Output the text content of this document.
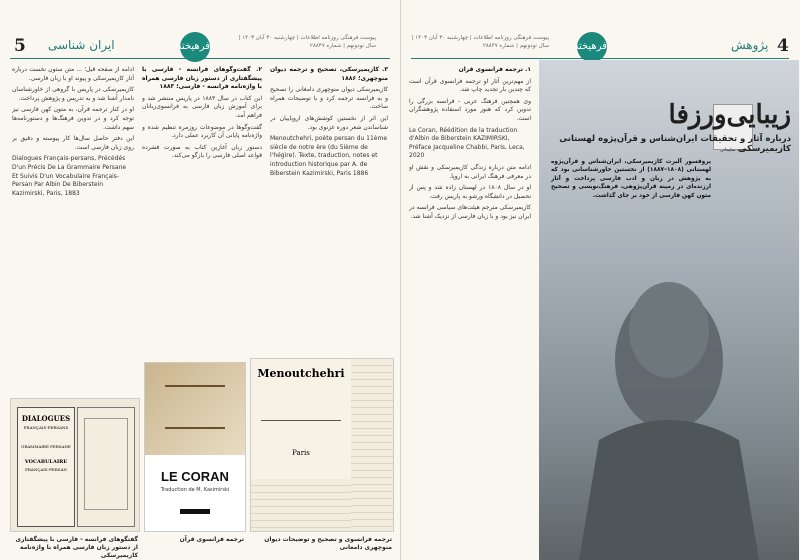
5 ایران شناسی	فرهیخته
پیوست فرهنگی روزنامه اطلاعات | چهارشنبه ۳۰ آبان ۱۴۰۳ | سال نودونهم | شماره ۲۸۸۴۷

۳. کازیمیرسکی، تصحیح و ترجمه دیوان منوچهری؛ ۱۸۸۶

کازیمیرسکی دیوان منوچهری دامغانی را تصحیح و به فرانسه ترجمه کرد و با توضیحات همراه ساخت.

این اثر از نخستین کوشش‌های اروپاییان در شناساندن شعر دوره غزنوی بود.

Menoutchehri, poète persan du 11ème siècle de notre ère (du 5ième de l'hégire). Texte, traduction, notes et introduction historique par A. de Biberstein Kazimirski, Paris 1886

۲. گفت‌وگوهای فرانسه - فارسی با پیشگفتاری از دستور زبان فارسی همراه با واژه‌نامه فرانسه - فارسی؛ ۱۸۸۳

این کتاب در سال ۱۸۸۳ در پاریس منتشر شد و برای آموزش زبان فارسی به فرانسوی‌زبانان فراهم آمد.

گفت‌وگوها در موضوعات روزمره تنظیم شده و واژه‌نامه پایانی آن کاربرد عملی دارد.

دستور زبان آغازین کتاب به صورت فشرده قواعد اصلی فارسی را بازگو می‌کند.

ادامه از صفحه قبل؛ ... متن ستون نخست درباره آثار کازیمیرسکی و پیوند او با زبان فارسی.

کازیمیرسکی در پاریس با گروهی از خاورشناسان نامدار آشنا شد و به تدریس و پژوهش پرداخت.

او در کنار ترجمه قرآن، به متون کهن فارسی نیز توجه کرد و در تدوین فرهنگ‌ها و دستورنامه‌ها سهم داشت.

این دفتر حاصل سال‌ها کار پیوسته و دقیق بر روی زبان فارسی است.

Dialogues Français-persans, Précédés D'un Précis De La Grammaire Persane Et Suivis D'un Vocabulaire Français-Persan Par Albin De Biberstein Kazimirski, Paris, 1883

DIALOGUES
FRANÇAIS-PERSANS
GRAMMAIRE PERSANE
VOCABULAIRE
FRANÇAIS-PERSAN
گفتگوهای فرانسه - فارسی با پیشگفتاری از دستور زبان فارسی همراه با واژه‌نامه کازیمیرسکی
LE CORAN
Traduction de M. Kasimirski
ترجمه فرانسوی قرآن
Menoutchehri
Paris
ترجمه فرانسوی و تصحیح و توضیحات دیوان منوچهری دامغانی
پیوست فرهنگی روزنامه اطلاعات | چهارشنبه ۳۰ آبان ۱۴۰۳ | سال نودونهم | شماره ۲۸۸۴۷ فرهیخته	پژوهش 4

۱. ترجمه فرانسوی قرآن

از مهم‌ترین آثار او ترجمه فرانسوی قرآن است که چندین بار تجدید چاپ شد.

وی همچنین فرهنگ عربی - فرانسه بزرگی را تدوین کرد که هنوز مورد استفاده پژوهشگران است.

Le Coran, Réédition de la traduction d'Albin de Biberstein KAZIMIRSKI, Préface Jacqueline Chabbi, Paris, Leca, 2020

ادامه متن درباره زندگی کازیمیرسکی و نقش او در معرفی فرهنگ ایرانی به اروپا.

او در سال ۱۸۰۸ در لهستان زاده شد و پس از تحصیل در دانشگاه ورشو به پاریس رفت.

کازیمیرسکی مترجم هیئت‌های سیاسی فرانسه در ایران نیز بود و با زبان فارسی از نزدیک آشنا شد.

مجید سلیمانی
زیبایی‌ورزفا
درباره آثار و تحقیقات ایران‌شناس و قرآن‌پژوه لهستانی کازیمیرسکی
پروفسور آلبرت کازیمیرسکی، ایران‌شناس و قرآن‌پژوه لهستانی (۱۸۰۸–۱۸۸۷) از نخستین خاورشناسانی بود که به پژوهش در زبان و ادب فارسی پرداخت و آثار ارزنده‌ای در زمینه قرآن‌پژوهی، فرهنگ‌نویسی و تصحیح متون کهن فارسی از خود بر جای گذاشت.
